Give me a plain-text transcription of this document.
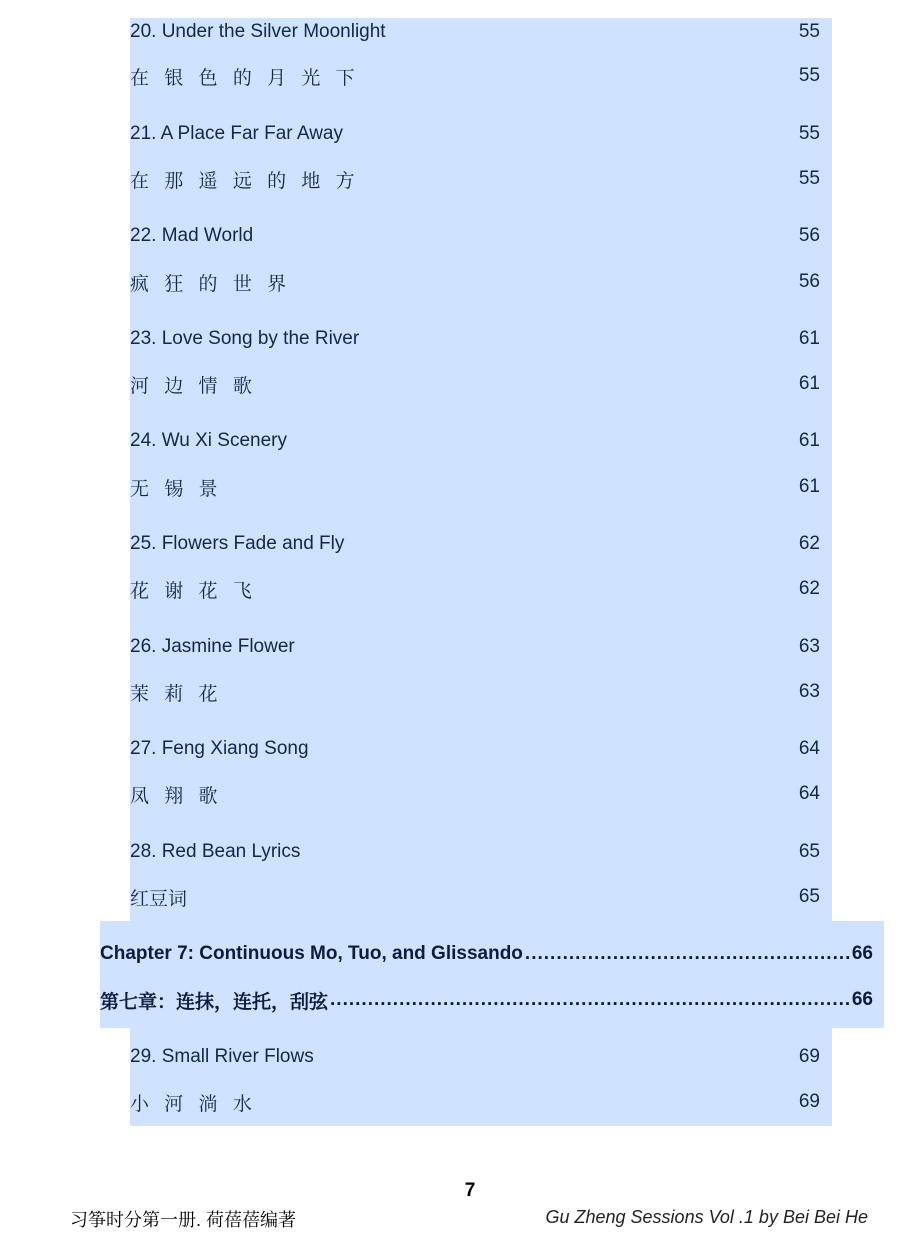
20. Under the Silver Moonlight	55
在 银 色 的 月 光 下	55
21. A Place Far Far Away	55
在 那 遥 远 的 地 方	55
22. Mad World	56
疯 狂 的 世 界	56
23. Love Song by the River	61
河 边 情 歌	61
24. Wu Xi Scenery	61
无 锡 景	61
25. Flowers Fade and Fly	62
花 谢 花 飞	62
26. Jasmine Flower	63
茉 莉 花	63
27. Feng Xiang Song	64
凤 翔 歌	64
28. Red Bean Lyrics	65
红豆词	65
Chapter 7: Continuous Mo, Tuo, and Glissando .....	66
第七章：连抹，连托，刮弦 .....	66
29. Small River Flows	69
小 河 淌 水	69
7
习筝时分第一册. 荷蓓蓓编著	Gu Zheng Sessions Vol .1 by Bei Bei He
